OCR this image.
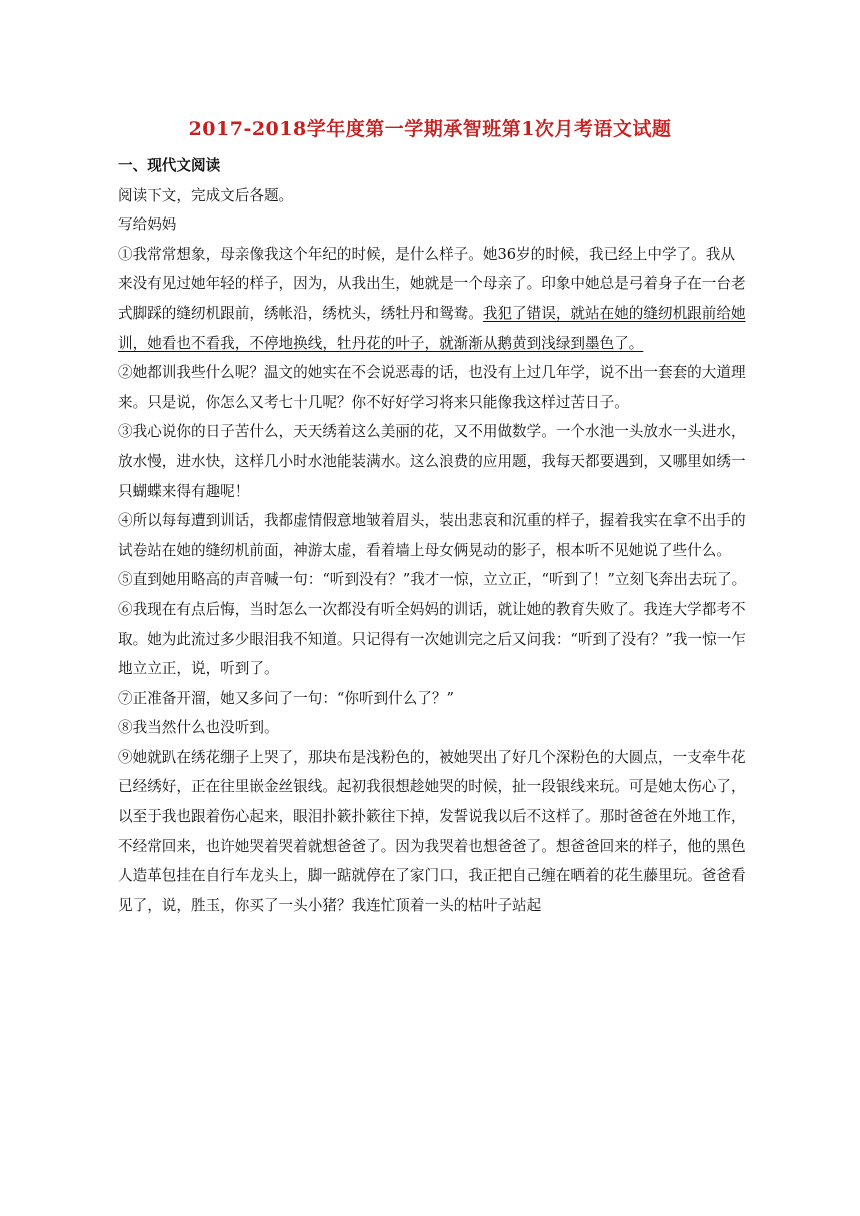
2017-2018学年度第一学期承智班第1次月考语文试题

一、现代文阅读

阅读下文，完成文后各题。

写给妈妈

①我常常想象，母亲像我这个年纪的时候，是什么样子。她36岁的时候，我已经上中学了。我从来没有见过她年轻的样子，因为，从我出生，她就是一个母亲了。印象中她总是弓着身子在一台老式脚踩的缝纫机跟前，绣帐沿，绣枕头，绣牡丹和鸳鸯。我犯了错误，就站在她的缝纫机跟前给她训，她看也不看我，不停地换线，牡丹花的叶子，就渐渐从鹅黄到浅绿到墨色了。

②她都训我些什么呢？温文的她实在不会说恶毒的话，也没有上过几年学，说不出一套套的大道理来。只是说，你怎么又考七十几呢？你不好好学习将来只能像我这样过苦日子。

③我心说你的日子苦什么，天天绣着这么美丽的花，又不用做数学。一个水池一头放水一头进水，放水慢，进水快，这样几小时水池能装满水。这么浪费的应用题，我每天都要遇到，又哪里如绣一只蝴蝶来得有趣呢！

④所以每每遭到训话，我都虚情假意地皱着眉头，装出悲哀和沉重的样子，握着我实在拿不出手的试卷站在她的缝纫机前面，神游太虚，看着墙上母女俩晃动的影子，根本听不见她说了些什么。

⑤直到她用略高的声音喊一句：“听到没有？”我才一惊，立立正，“听到了！”立刻飞奔出去玩了。

⑥我现在有点后悔，当时怎么一次都没有听全妈妈的训话，就让她的教育失败了。我连大学都考不取。她为此流过多少眼泪我不知道。只记得有一次她训完之后又问我：“听到了没有？”我一惊一乍地立立正，说，听到了。

⑦正准备开溜，她又多问了一句：“你听到什么了？”

⑧我当然什么也没听到。

⑨她就趴在绣花绷子上哭了，那块布是浅粉色的，被她哭出了好几个深粉色的大圆点，一支牵牛花已经绣好，正在往里嵌金丝银线。起初我很想趁她哭的时候，扯一段银线来玩。可是她太伤心了，以至于我也跟着伤心起来，眼泪扑簌扑簌往下掉，发誓说我以后不这样了。那时爸爸在外地工作，不经常回来，也许她哭着哭着就想爸爸了。因为我哭着也想爸爸了。想爸爸回来的样子，他的黑色人造革包挂在自行车龙头上，脚一踮就停在了家门口，我正把自己缠在晒着的花生藤里玩。爸爸看见了，说，胜玉，你买了一头小猪？我连忙顶着一头的枯叶子站起
